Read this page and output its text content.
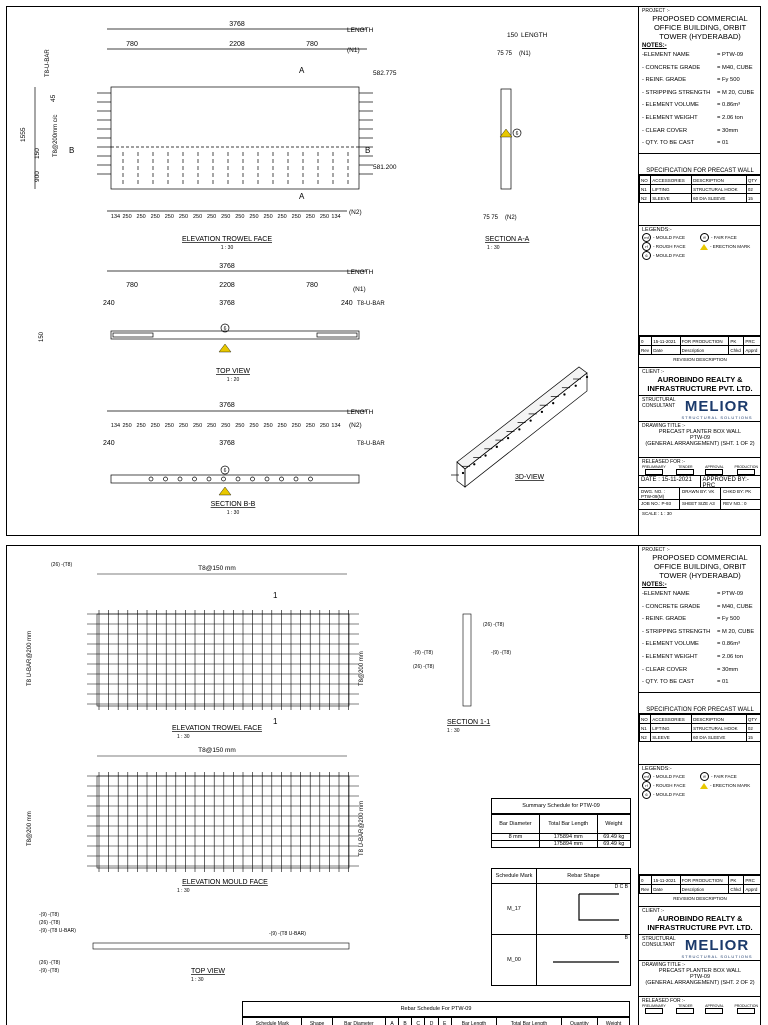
3768
LENGTH
780	2208	780
(N1)
1555
900
150
45
T8-U-BAR
T8@200mm c/c
A
A
B	B
582.775
581.200
134 250 250 250 250 250 250 250 250 250 250 250 250 250 250 250 134
(N2)
ELEVATION TROWEL FACE
1 : 30
150 LENGTH
75 75 (N1)
6
75 75 (N2)
SECTION A-A
1 : 30
3768
LENGTH
780	2208	780
(N1)
240	3768	240 T8-U-BAR
6
150
TOP VIEW
1 : 20
3768
LENGTH
134 250 250 250 250 250 250 250 250 250 250 250 250 250 250 250 134 (N2)
240	3768	T8-U-BAR
6
SECTION B-B
1 : 30
3D-VIEW
PROJECT :-
PROPOSED COMMERCIAL OFFICE BUILDING, ORBIT TOWER (HYDERABAD)
NOTES:-
-ELEMENT NAME	= PTW-09
- CONCRETE GRADE	= M40, CUBE
- REINF. GRADE	= Fy 500
- STRIPPING STRENGTH	= M 20, CUBE
- ELEMENT VOLUME	= 0.86m³
- ELEMENT WEIGHT	= 2.06 ton
- CLEAR COVER	= 30mm
- QTY. TO BE CAST	= 01
SPECIFICATION FOR PRECAST WALL
NO	ACCESSORIES	DESCRIPTION	QTY
N1	LIFTING	STRUCTURAL HOOK	02
N2	SLEEVE	60 DIA SLEEVE	15
LEGENDS:-
mf - MOULD FACE
rf	- ROUGH FACE
6	- MOULD FACE
ff	- FAIR FACE
- ERECTION MARK
0	15-11-2021	FOR PRODUCTION	PK	PRC
Rev	Date	Description	Chkd	Apprd
REVISION DESCRIPTION
CLIENT :-
AUROBINDO REALTY & INFRASTRUCTURE PVT. LTD.
STRUCTURAL CONSULTANT MELIOR
STRUCTURAL SOLUTIONS
DRAWING TITLE :-
PRECAST PLANTER BOX WALL
PTW-09
(GENERAL ARRANGEMENT) (SHT. 1 OF 2)
RELEASED FOR :-
PRELIMINARY	TENDER	APPROVAL	PRODUCTION
DATE : 15-11-2021	APPROVED BY:- PRC
DWG. NO. : PTW-09(M)
DRAWN BY: VK	CHKD BY: PK
JOB NO.: P-93	SHEET SIZE A3	REV NO.: 0
SCALE : 1 : 30
T8@150 mm
(26) -(T8)
T8 U-BAR@200 mm	T8@200 mm
1
1
ELEVATION TROWEL FACE
1 : 30
(26) -(T8)
-(9) -(T8)	-(9) -(T8)
(26) -(T8)
SECTION 1-1
1 : 30
T8@150 mm
T8@200 mm	T8 U-BAR@200 mm
ELEVATION MOULD FACE
1 : 30
-(9) -(T8)
(26) -(T8)
-(9) -(T8 U-BAR)	-(9) -(T8 U-BAR)
(26) -(T8)
-(9) -(T8)	TOP VIEW
1 : 30
Summary Schedule for PTW-09
Bar Diameter	Total Bar Length	Weight
8 mm	175894 mm	69.49 kg
	175894 mm	69.49 kg
Schedule Mark	Rebar Shape
M_17	D C B
M_00	B
Rebar Schedule For PTW-09
Schedule Mark	Shape	Bar Diameter	A	B	C	D	E	Bar Length	Total Bar Length	Quantity	Weight
PROJECT :-
PROPOSED COMMERCIAL OFFICE BUILDING, ORBIT TOWER (HYDERABAD)
NOTES:-
-ELEMENT NAME	= PTW-09
- CONCRETE GRADE	= M40, CUBE
- REINF. GRADE	= Fy 500
- STRIPPING STRENGTH	= M 20, CUBE
- ELEMENT VOLUME	= 0.86m³
- ELEMENT WEIGHT	= 2.06 ton
- CLEAR COVER	= 30mm
- QTY. TO BE CAST	= 01
SPECIFICATION FOR PRECAST WALL
NO	ACCESSORIES	DESCRIPTION	QTY
N1	LIFTING	STRUCTURAL HOOK	02
N2	SLEEVE	60 DIA SLEEVE	15
LEGENDS:-
mf - MOULD FACE
rf	- ROUGH FACE
6	- MOULD FACE
ff	- FAIR FACE
- ERECTION MARK
0	15-11-2021	FOR PRODUCTION	PK	PRC
Rev	Date	Description	Chkd	Apprd
REVISION DESCRIPTION
CLIENT :-
AUROBINDO REALTY & INFRASTRUCTURE PVT. LTD.
STRUCTURAL CONSULTANT MELIOR
STRUCTURAL SOLUTIONS
DRAWING TITLE :-
PRECAST PLANTER BOX WALL
PTW-09
(GENERAL ARRANGEMENT) (SHT. 2 OF 2)
RELEASED FOR :-
PRELIMINARY	TENDER	APPROVAL	PRODUCTION
